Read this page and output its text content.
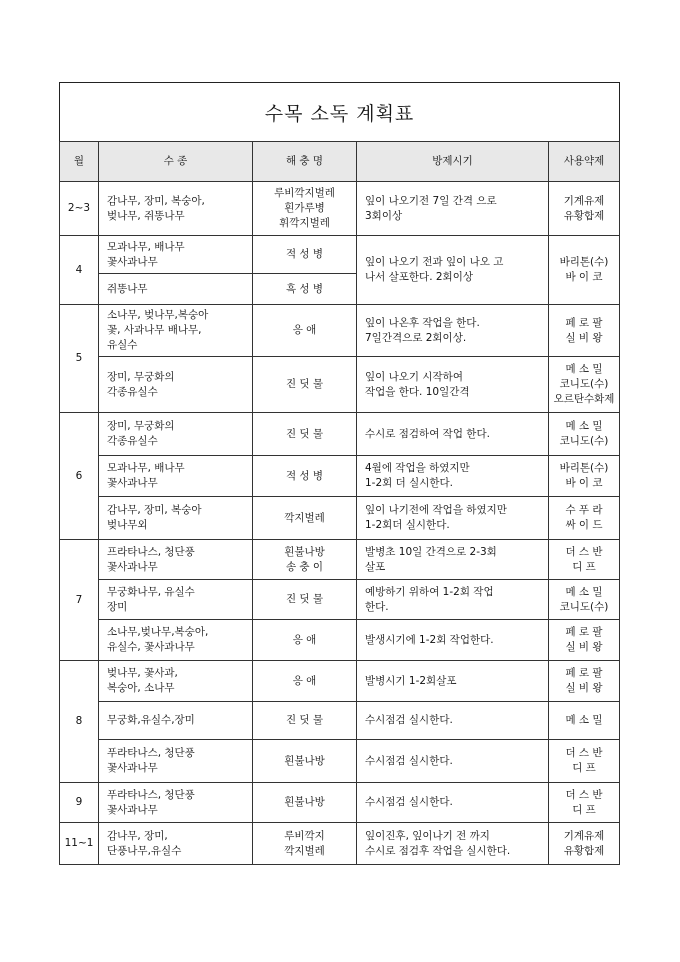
수목 소독 계획표
월	수 종	해 충 명	방제시기	사용약제
2~3	감나무, 장미, 복숭아,
벚나무, 쥐똥나무	루비깍지벌레
흰가루병
휘깍지벌레	잎이 나오기전 7일 간격 으로
3회이상	기계유제
유황합제
4	모과나무, 배나무
꽃사과나무	적 성 병	잎이 나오기 전과 잎이 나오 고
나서 살포한다. 2회이상	바리톤(수)
바 이 코
	쥐똥나무	흑 성 병		
5	소나무, 벚나무,복숭아
꽃, 사과나무 배나무,
유실수	응 애	잎이 나온후 작업을 한다.
7일간격으로 2회이상.	페 로 팔
실 비 왕
	장미, 무궁화의
각종유실수	진 딧 물	잎이 나오기 시작하여
작업을 한다. 10일간격	메 소 밀
코니도(수)
오르탄수화제
6	장미, 무궁화의
각종유실수	진 딧 물	수시로 점검하여 작업 한다.	메 소 밀
코니도(수)
	모과나무, 배나무
꽃사과나무	적 성 병	4월에 작업을 하였지만
1-2회 더 실시한다.	바리톤(수)
바 이 코
	감나무, 장미, 복숭아
벚나무외	깍지벌레	잎이 나기전에 작업을 하였지만
1-2회더 실시한다.	수 푸 라
싸 이 드
7	프라타나스, 청단풍
꽃사과나무	흰불나방
송 충 이	발병초 10일 간격으로 2-3회
살포	더 스 반
디 프
	무궁화나무, 유실수
장미	진 딧 물	예방하기 위하여 1-2회 작업
한다.	메 소 밀
코니도(수)
	소나무,벚나무,복숭아,
유실수, 꽃사과나무	응 애	발생시기에 1-2회 작업한다.	페 로 팔
실 비 왕
8	벚나무, 꽃사과,
복숭아, 소나무	응 애	발병시기 1-2회살포	페 로 팔
실 비 왕
	무궁화,유실수,장미	진 딧 물	수시점검 실시한다.	메 소 밀
	푸라타나스, 청단풍
꽃사과나무	흰불나방	수시점검 실시한다.	더 스 반
디 프
9	푸라타나스, 청단풍
꽃사과나무	흰불나방	수시점검 실시한다.	더 스 반
디 프
11~1	감나무, 장미,
단풍나무,유실수	루비깍지
깍지벌레	잎이진후, 잎이나기 전 까지
수시로 점검후 작업을 실시한다.	기계유제
유황합제
